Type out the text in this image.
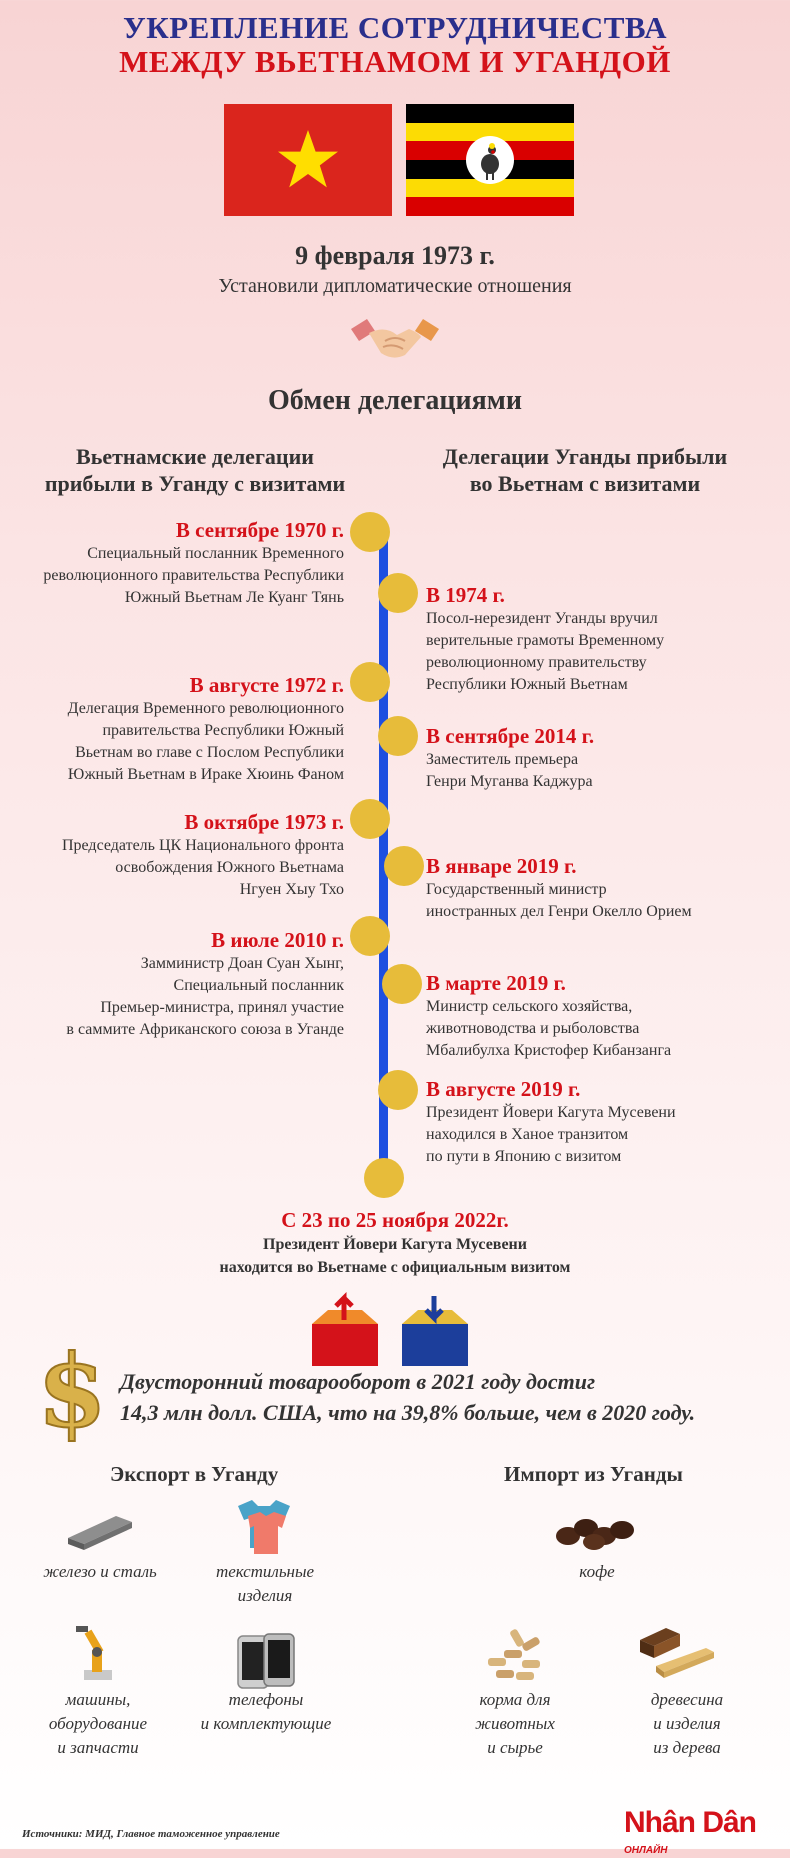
УКРЕПЛЕНИЕ СОТРУДНИЧЕСТВА
МЕЖДУ ВЬЕТНАМОМ И УГАНДОЙ
9 февраля 1973 г.
Установили дипломатические отношения
Обмен делегациями
Вьетнамские делегации
прибыли в Уганду с визитами
Делегации Уганды прибыли
во Вьетнам с визитами
В сентябре 1970 г.
Специальный посланник Временного
революционного правительства Республики
Южный Вьетнам Ле Куанг Тянь
В августе 1972 г.
Делегация Временного революционного
правительства Республики Южный
Вьетнам во главе с Послом Республики
Южный Вьетнам в Ираке Хюинь Фаном
В октябре 1973 г.
Председатель ЦК Национального фронта
освобождения Южного Вьетнама
Нгуен Хыу Тхо
В июле 2010 г.
Замминистр Доан Суан Хынг,
Специальный посланник
Премьер-министра, принял участие
в саммите Африканского союза в Уганде
В 1974 г.
Посол-нерезидент Уганды вручил
верительные грамоты Временному
революционному правительству
Республики Южный Вьетнам
В сентябре 2014 г.
Заместитель премьера
Генри Муганва Каджура
В январе 2019 г.
Государственный министр
иностранных дел Генри Окелло Орием
В марте 2019 г.
Министр сельского хозяйства,
животноводства и рыболовства
Мбалибулха Кристофер Кибанзанга
В августе 2019 г.
Президент Йовери Кагута Мусевени
находился в Ханое транзитом
по пути в Японию с визитом
С 23 по 25 ноября 2022г.
Президент Йовери Кагута Мусевени
находится во Вьетнаме с официальным визитом
$ Двусторонний товарооборот в 2021 году достиг
14,3 млн долл. США, что на 39,8% больше, чем в 2020 году.
Экспорт в Уганду	Импорт из Уганды
железо и сталь	текстильные
изделия
машины,
оборудование
и запчасти
телефоны
и комплектующие
кофе
корма для
животных
и сырье
древесина
и изделия
из дерева
Источники: МИД, Главное таможенное управление	Nhân Dân ОНЛАЙН
